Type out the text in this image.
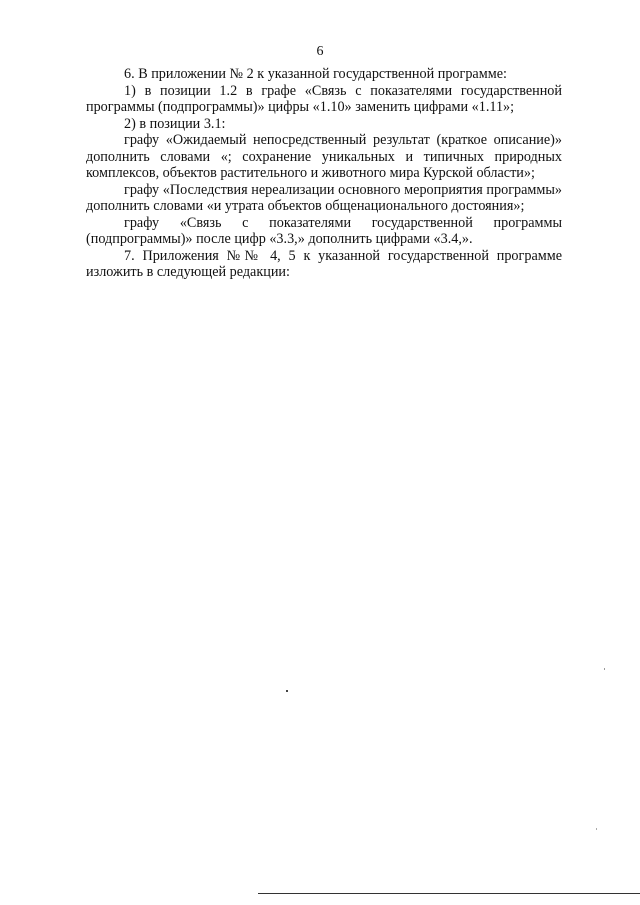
6

6. В приложении № 2 к указанной государственной программе:

1) в позиции 1.2 в графе «Связь с показателями государственной программы (подпрограммы)» цифры «1.10» заменить цифрами «1.11»;

2) в позиции 3.1:

графу «Ожидаемый непосредственный результат (краткое описание)» дополнить словами «; сохранение уникальных и типичных природных комплексов, объектов растительного и животного мира Курской области»;

графу «Последствия нереализации основного мероприятия программы» дополнить словами «и утрата объектов общенационального достояния»;

графу «Связь с показателями государственной программы (подпрограммы)» после цифр «3.3,» дополнить цифрами «3.4,».

7. Приложения №№ 4, 5 к указанной государственной программе изложить в следующей редакции:
